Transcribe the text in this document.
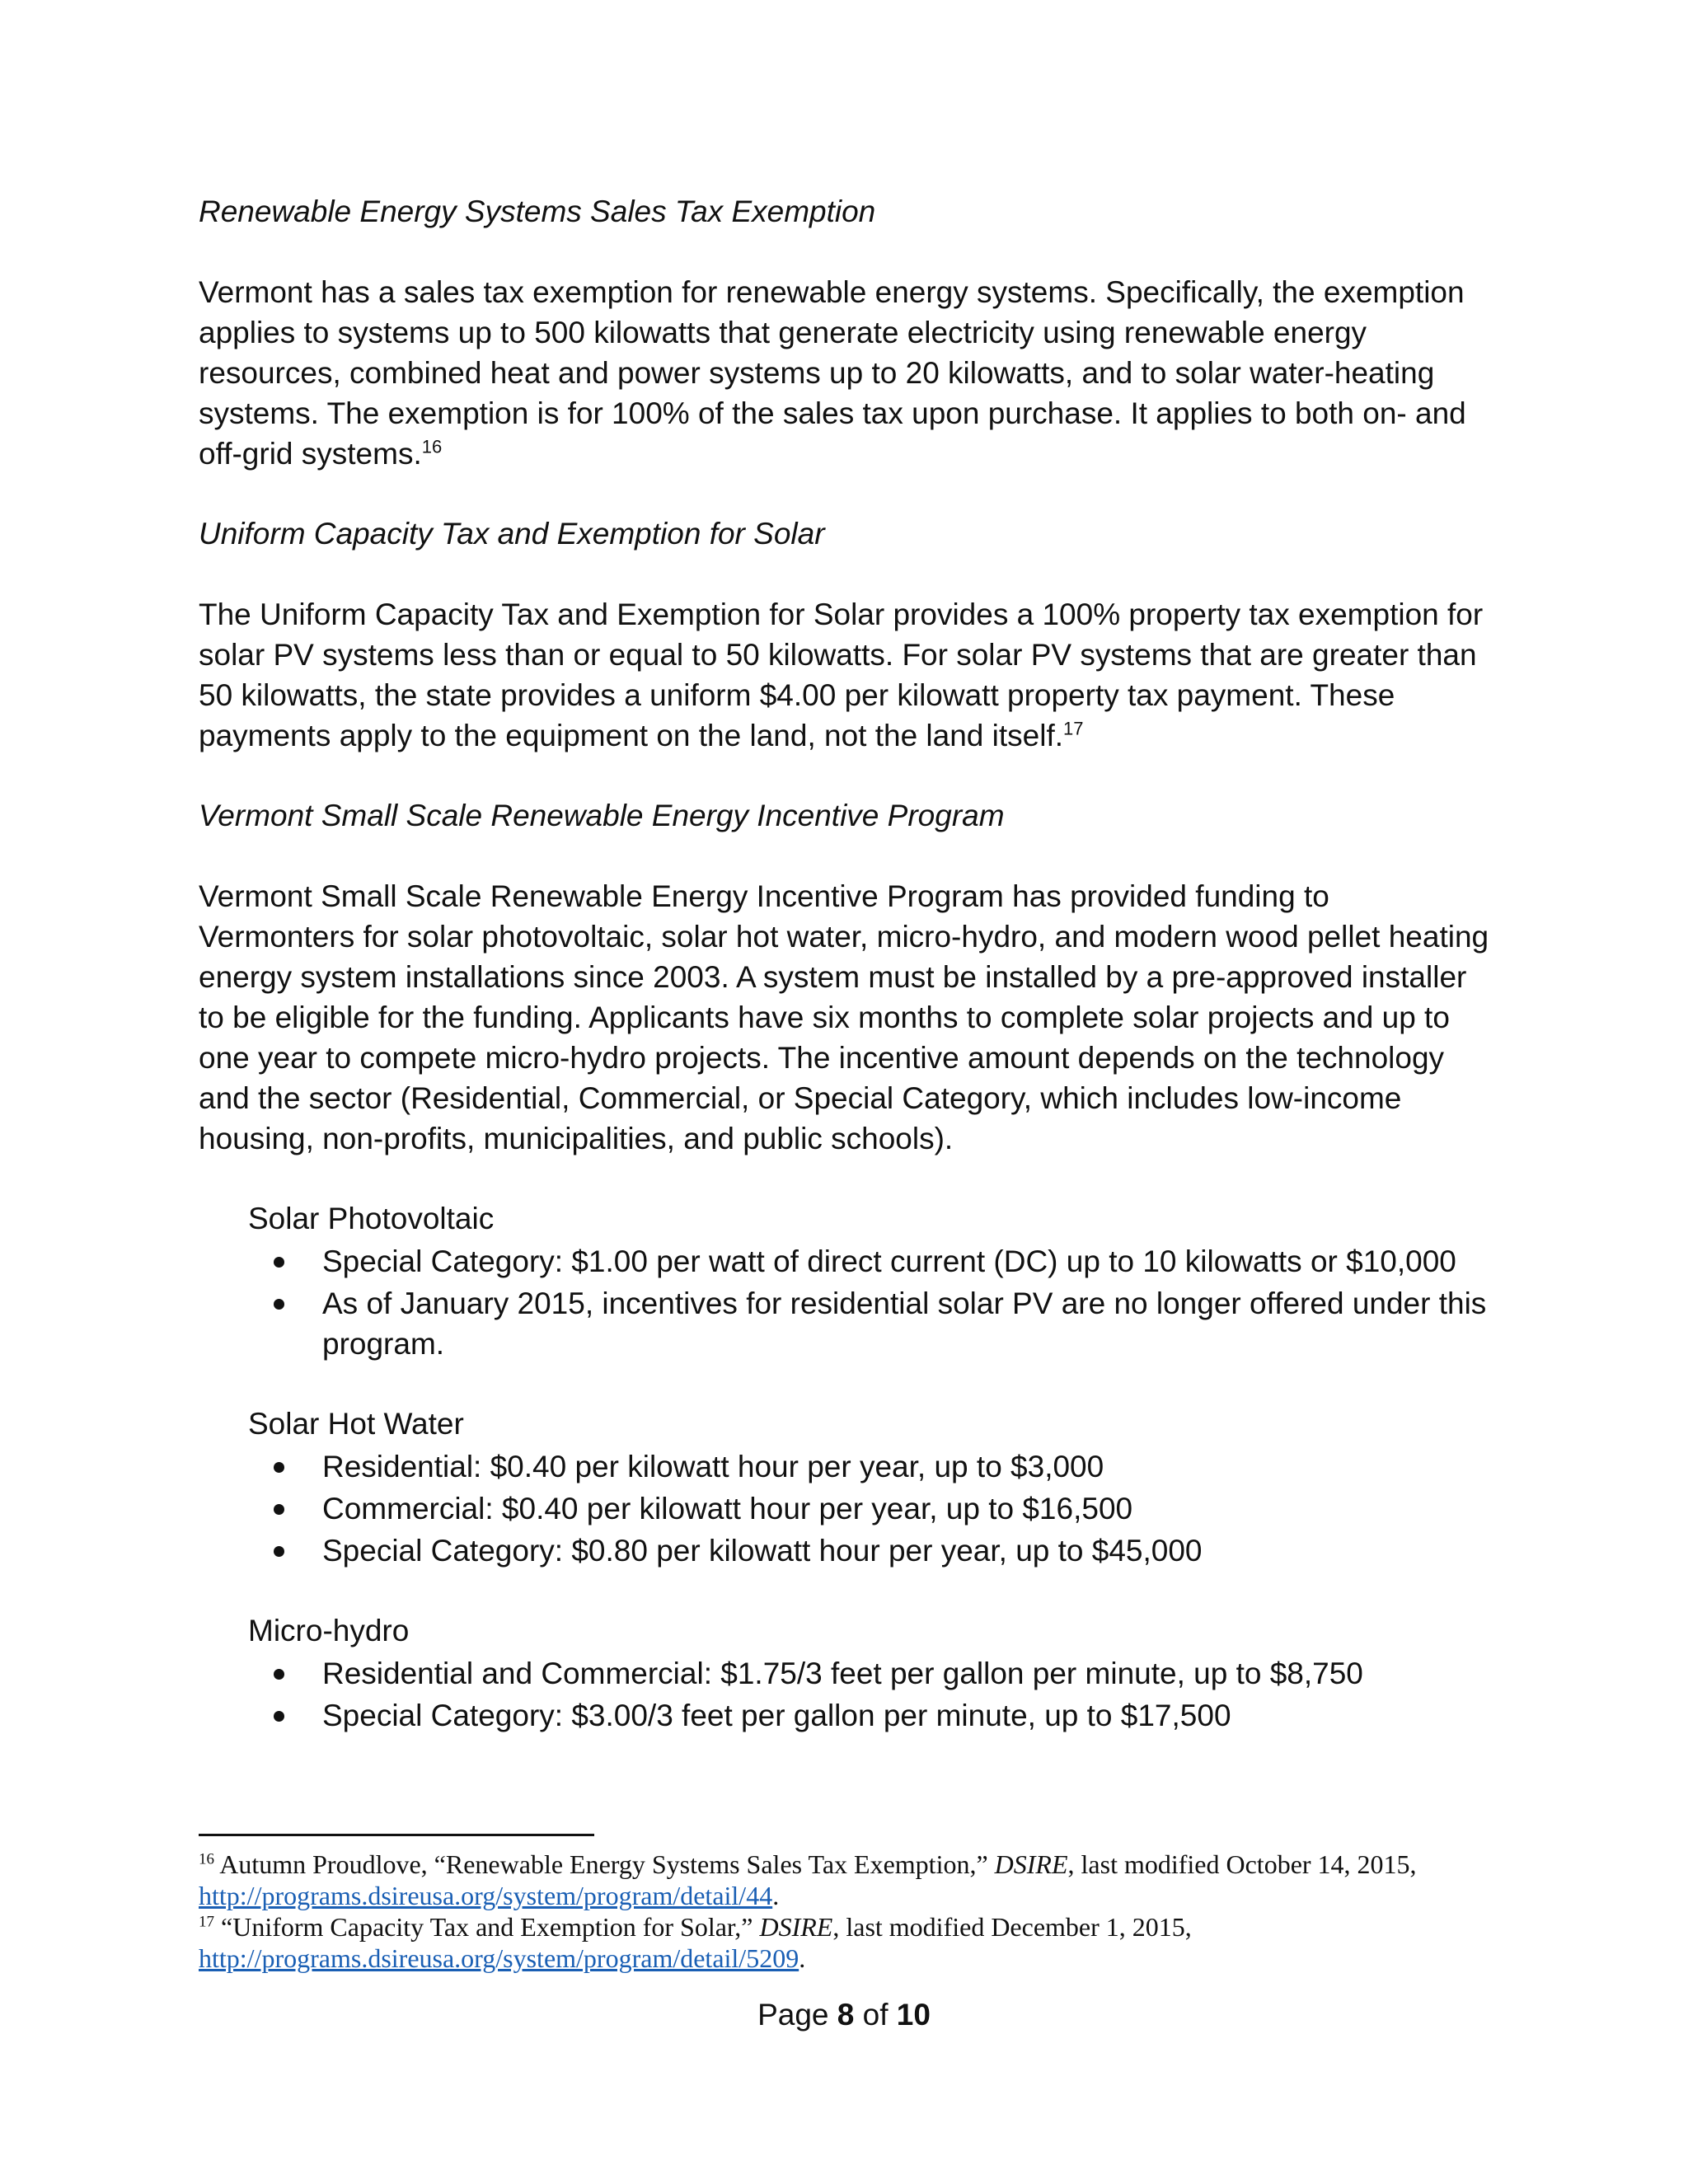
Renewable Energy Systems Sales Tax Exemption

Vermont has a sales tax exemption for renewable energy systems. Specifically, the exemption applies to systems up to 500 kilowatts that generate electricity using renewable energy resources, combined heat and power systems up to 20 kilowatts, and to solar water-heating systems. The exemption is for 100% of the sales tax upon purchase. It applies to both on- and off-grid systems.$^{16}$

Uniform Capacity Tax and Exemption for Solar

The Uniform Capacity Tax and Exemption for Solar provides a 100% property tax exemption for solar PV systems less than or equal to 50 kilowatts. For solar PV systems that are greater than 50 kilowatts, the state provides a uniform $4.00 per kilowatt property tax payment. These payments apply to the equipment on the land, not the land itself.$^{17}$

Vermont Small Scale Renewable Energy Incentive Program

Vermont Small Scale Renewable Energy Incentive Program has provided funding to Vermonters for solar photovoltaic, solar hot water, micro-hydro, and modern wood pellet heating energy system installations since 2003. A system must be installed by a pre-approved installer to be eligible for the funding. Applicants have six months to complete solar projects and up to one year to compete micro-hydro projects. The incentive amount depends on the technology and the sector (Residential, Commercial, or Special Category, which includes low-income housing, non-profits, municipalities, and public schools).

Solar Photovoltaic
Special Category: $1.00 per watt of direct current (DC) up to 10 kilowatts or $10,000
As of January 2015, incentives for residential solar PV are no longer offered under this program.
Solar Hot Water
Residential: $0.40 per kilowatt hour per year, up to $3,000
Commercial: $0.40 per kilowatt hour per year, up to $16,500
Special Category: $0.80 per kilowatt hour per year, up to $45,000
Micro-hydro
Residential and Commercial: $1.75/3 feet per gallon per minute, up to $8,750
Special Category: $3.00/3 feet per gallon per minute, up to $17,500

$^{16}$ Autumn Proudlove, “Renewable Energy Systems Sales Tax Exemption,” DSIRE, last modified October 14, 2015,
http://programs.dsireusa.org/system/program/detail/44.

$^{17}$ “Uniform Capacity Tax and Exemption for Solar,” DSIRE, last modified December 1, 2015,
http://programs.dsireusa.org/system/program/detail/5209.

Page 8 of 10
